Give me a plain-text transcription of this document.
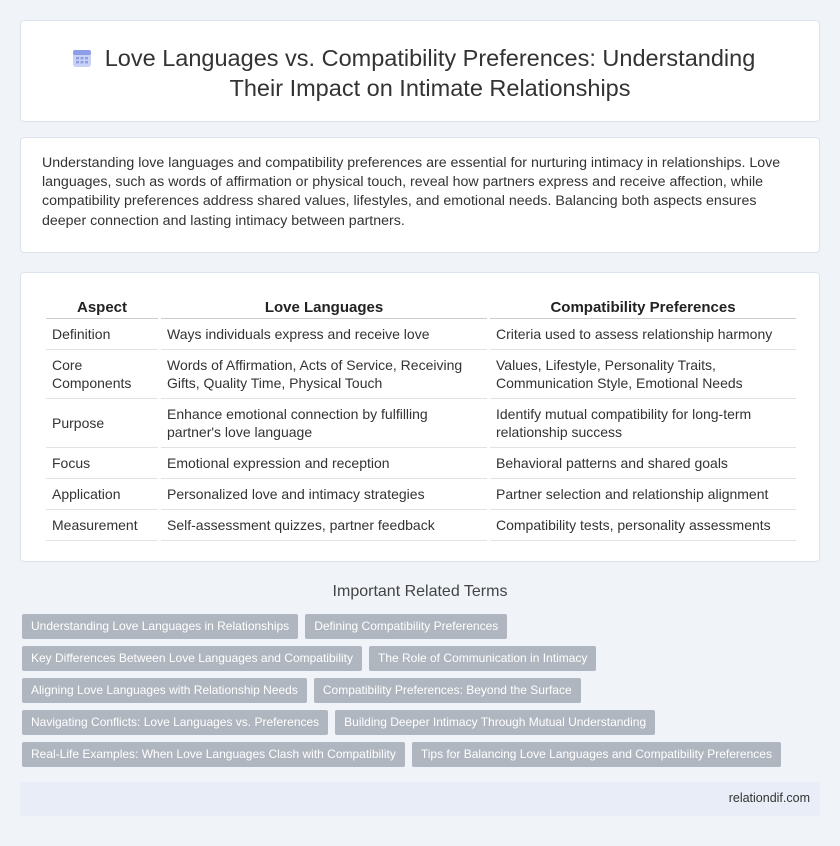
Love Languages vs. Compatibility Preferences: Understanding Their Impact on Intimate Relationships

Understanding love languages and compatibility preferences are essential for nurturing intimacy in relationships. Love languages, such as words of affirmation or physical touch, reveal how partners express and receive affection, while compatibility preferences address shared values, lifestyles, and emotional needs. Balancing both aspects ensures deeper connection and lasting intimacy between partners.

Aspect	Love Languages	Compatibility Preferences
Definition	Ways individuals express and receive love	Criteria used to assess relationship harmony
Core Components	Words of Affirmation, Acts of Service, Receiving Gifts, Quality Time, Physical Touch	Values, Lifestyle, Personality Traits, Communication Style, Emotional Needs
Purpose	Enhance emotional connection by fulfilling partner's love language	Identify mutual compatibility for long-term relationship success
Focus	Emotional expression and reception	Behavioral patterns and shared goals
Application	Personalized love and intimacy strategies	Partner selection and relationship alignment
Measurement	Self-assessment quizzes, partner feedback	Compatibility tests, personality assessments
Important Related Terms
Understanding Love Languages in Relationships	Defining Compatibility Preferences
Key Differences Between Love Languages and Compatibility	The Role of Communication in Intimacy
Aligning Love Languages with Relationship Needs	Compatibility Preferences: Beyond the Surface
Navigating Conflicts: Love Languages vs. Preferences	Building Deeper Intimacy Through Mutual Understanding
Real-Life Examples: When Love Languages Clash with Compatibility	Tips for Balancing Love Languages and Compatibility Preferences
relationdif.com
